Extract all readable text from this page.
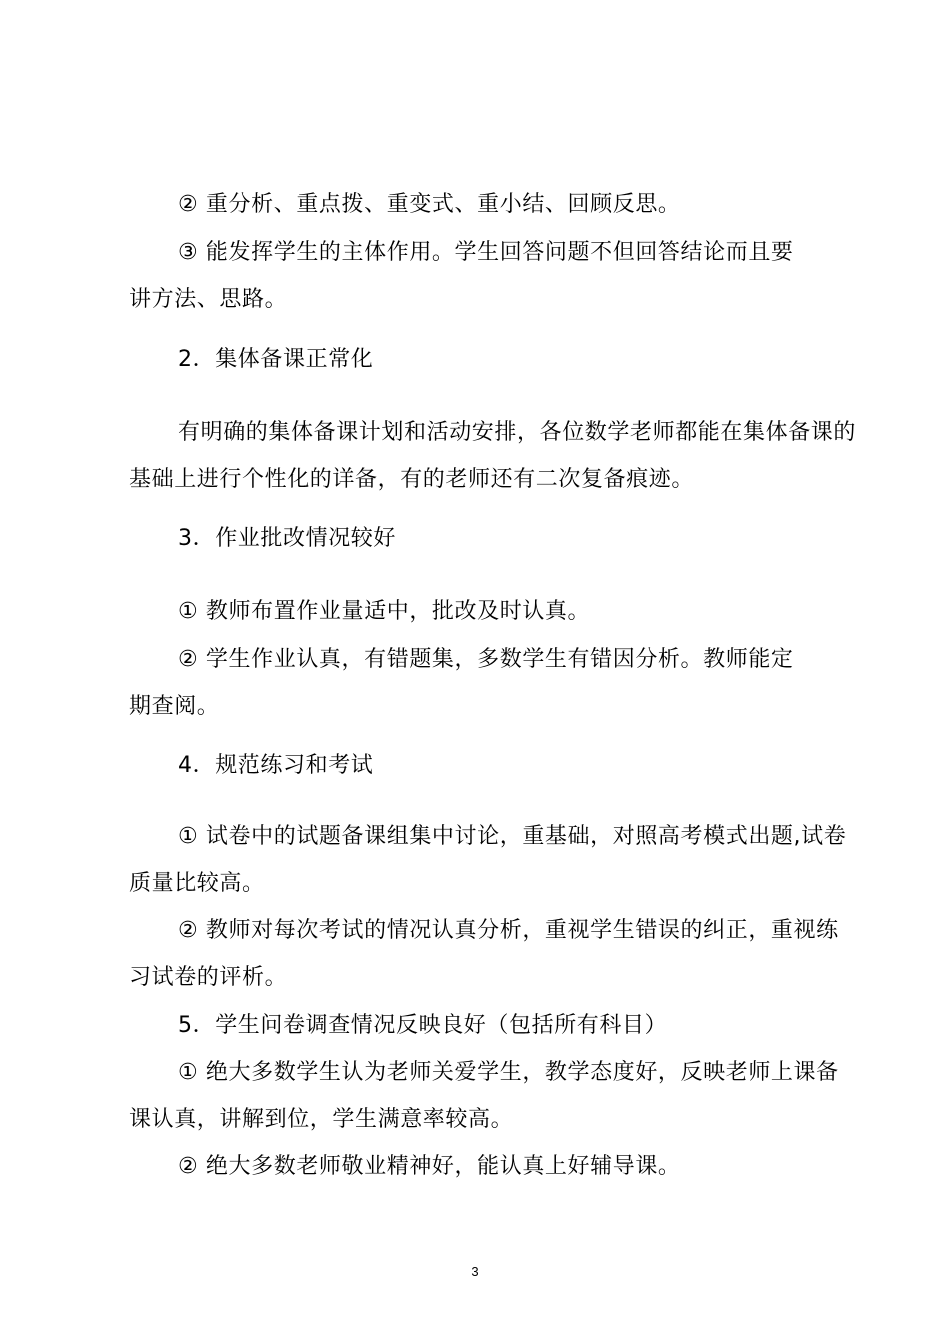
② 重分析、重点拨、重变式、重小结、回顾反思。
③ 能发挥学生的主体作用。学生回答问题不但回答结论而且要
讲方法、思路。
2．集体备课正常化
有明确的集体备课计划和活动安排，各位数学老师都能在集体备课的
基础上进行个性化的详备，有的老师还有二次复备痕迹。
3．作业批改情况较好
① 教师布置作业量适中，批改及时认真。
② 学生作业认真，有错题集，多数学生有错因分析。教师能定
期查阅。
4．规范练习和考试
① 试卷中的试题备课组集中讨论，重基础，对照高考模式出题,试卷
质量比较高。
② 教师对每次考试的情况认真分析，重视学生错误的纠正，重视练
习试卷的评析。
5．学生问卷调查情况反映良好（包括所有科目）
① 绝大多数学生认为老师关爱学生，教学态度好，反映老师上课备
课认真，讲解到位，学生满意率较高。
② 绝大多数老师敬业精神好，能认真上好辅导课。
3
